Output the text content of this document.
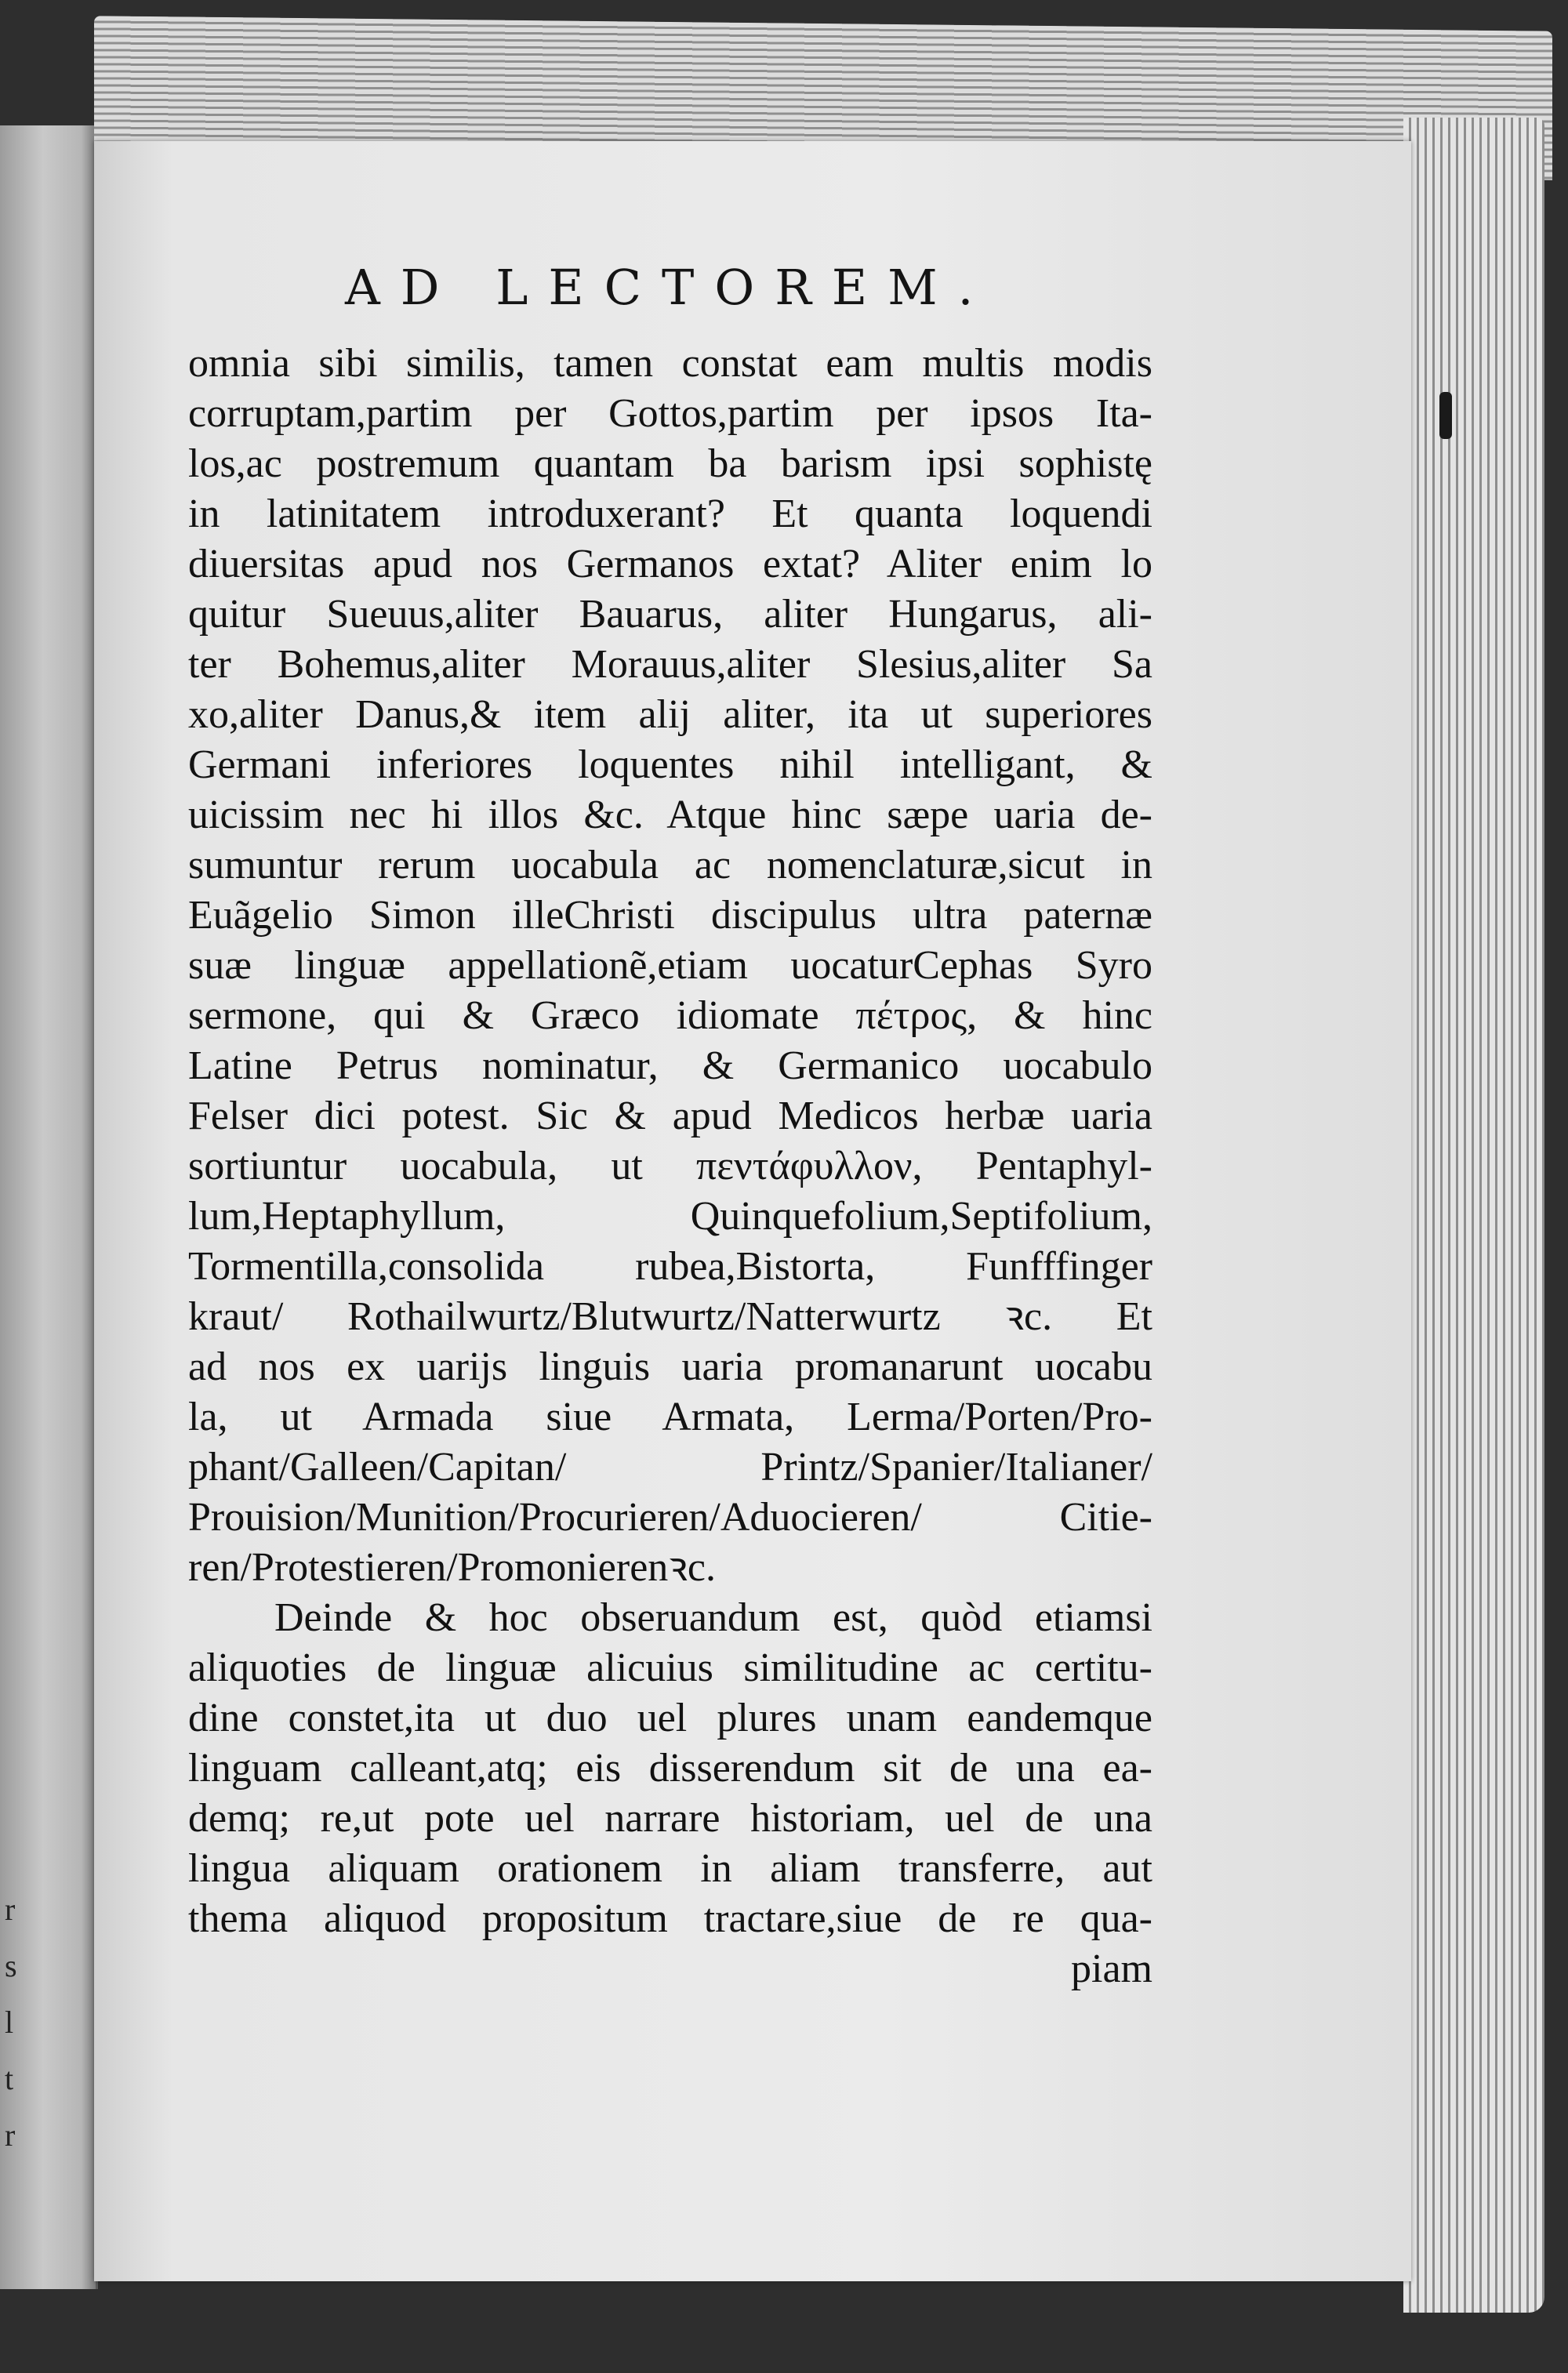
r
s
l
t
r
AD LECTOREM.
omnia sibi similis, tamen constat eam multis modis
corruptam,partim per Gottos,partim per ipsos Ita-
los,ac postremum quantam ba barism ipsi sophistę
in latinitatem introduxerant? Et quanta loquendi
diuersitas apud nos Germanos extat? Aliter enim lo
quitur Sueuus,aliter Bauarus, aliter Hungarus, ali-
ter Bohemus,aliter Morauus,aliter Slesius,aliter Sa
xo,aliter Danus,& item alij aliter, ita ut superiores
Germani inferiores loquentes nihil intelligant, &
uicissim nec hi illos &c. Atque hinc sæpe uaria de-
sumuntur rerum uocabula ac nomenclaturæ,sicut in
Euãgelio Simon illeChristi discipulus ultra paternæ
suæ linguæ appellationẽ,etiam uocaturCephas Syro
sermone, qui & Græco idiomate πέτρος, & hinc
Latine Petrus nominatur, & Germanico uocabulo
Felser dici potest. Sic & apud Medicos herbæ uaria
sortiuntur uocabula, ut πεντάφυλλον, Pentaphyl-
lum,Heptaphyllum, Quinquefolium,Septifolium,
Tormentilla,consolida rubea,Bistorta, Funfffinger
kraut/ Rothailwurtz/Blutwurtz/Natterwurtz ꝛc. Et
ad nos ex uarijs linguis uaria promanarunt uocabu
la, ut Armada siue Armata, Lerma/Porten/Pro-
phant/Galleen/Capitan/ Printz/Spanier/Italianer/
Prouision/Munition/Procurieren/Aduocieren/ Citie-
ren/Protestieren/Promonierenꝛc.
Deinde & hoc obseruandum est, quòd etiamsi
aliquoties de linguæ alicuius similitudine ac certitu-
dine constet,ita ut duo uel plures unam eandemque
linguam calleant,atq; eis disserendum sit de una ea-
demq; re,ut pote uel narrare historiam, uel de una
lingua aliquam orationem in aliam transferre, aut
thema aliquod propositum tractare,siue de re qua-
piam
